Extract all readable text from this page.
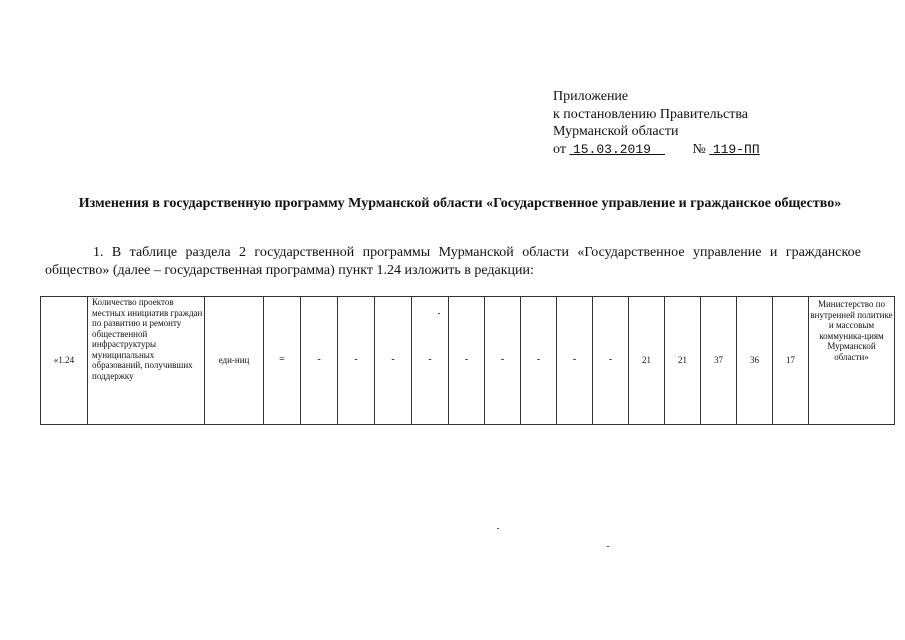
Приложение
к постановлению Правительства
Мурманской области
от 15.03.2019	№ 119-ПП
Изменения в государственную программу Мурманской области «Государственное управление и гражданское общество»
1. В таблице раздела 2 государственной программы Мурманской области «Государственное управление и гражданское общество» (далее – государственная программа) пункт 1.24 изложить в редакции:
«1.24	Количество проектов местных инициатив граждан по развитию и ремонту общественной инфраструктуры муниципальных образований, получивших поддержку	еди-ниц	=	-	-	-	-	-	-	-	-	-	21	21	37	36	17	Министерство по внутренней политике и массовым коммуника-циям Мурманской области»
